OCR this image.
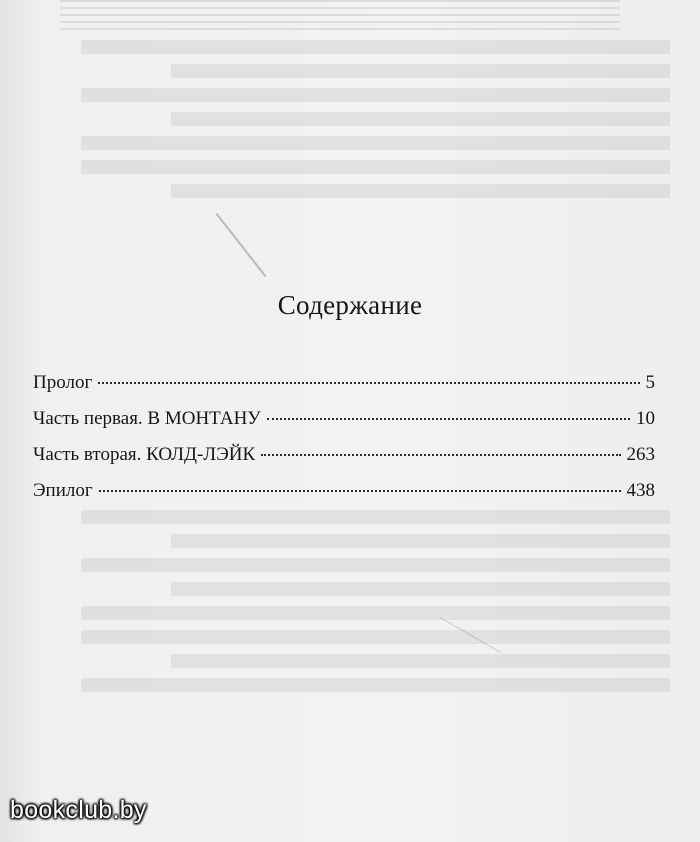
Содержание
Пролог	5
Часть первая. В МОНТАНУ	10
Часть вторая. КОЛД-ЛЭЙК	263
Эпилог	438
bookclub.by
